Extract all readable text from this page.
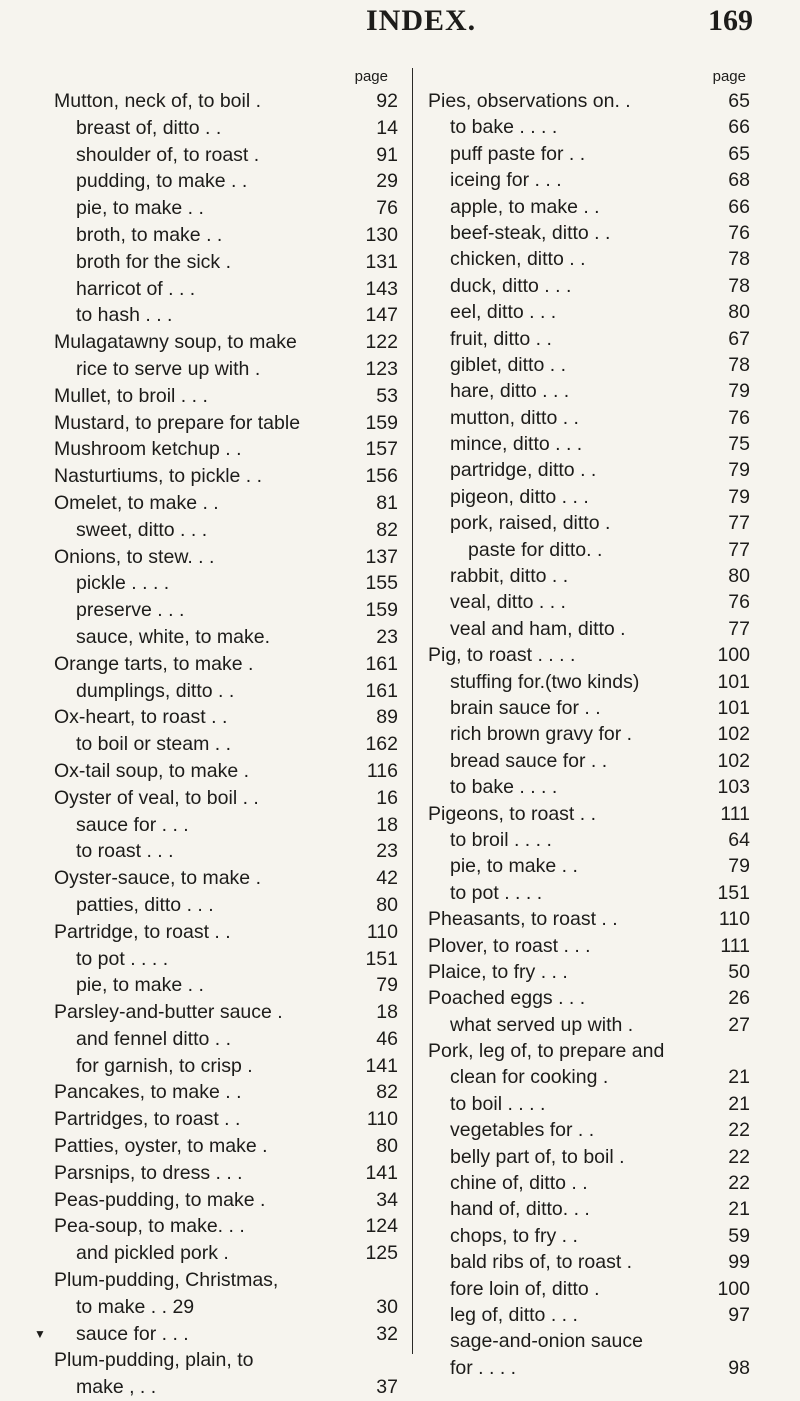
INDEX.	169
page
Mutton, neck of, to boil .	92
breast of, ditto . .	14
shoulder of, to roast .	91
pudding, to make . .	29
pie, to make . .	76
broth, to make . .	130
broth for the sick .	131
harricot of . . .	143
to hash . . .	147
Mulagatawny soup, to make	122
rice to serve up with .	123
Mullet, to broil . . .	53
Mustard, to prepare for table	159
Mushroom ketchup . .	157
Nasturtiums, to pickle . .	156
Omelet, to make . .	81
sweet, ditto . . .	82
Onions, to stew. . .	137
pickle . . . .	155
preserve . . .	159
sauce, white, to make.	23
Orange tarts, to make .	161
dumplings, ditto . .	161
Ox-heart, to roast . .	89
to boil or steam . .	162
Ox-tail soup, to make .	116
Oyster of veal, to boil . .	16
sauce for . . .	18
to roast . . .	23
Oyster-sauce, to make .	42
patties, ditto . . .	80
Partridge, to roast . .	110
to pot . . . .	151
pie, to make . .	79
Parsley-and-butter sauce .	18
and fennel ditto . .	46
for garnish, to crisp .	141
Pancakes, to make . .	82
Partridges, to roast . .	110
Patties, oyster, to make .	80
Parsnips, to dress . . .	141
Peas-pudding, to make .	34
Pea-soup, to make. . .	124
and pickled pork .	125
Plum-pudding, Christmas,
to make . . 29	30
▼ sauce for . . .	32
Plum-pudding, plain, to
make , . .	37
page
Pies, observations on. .	65
to bake . . . .	66
puff paste for . .	65
iceing for . . .	68
apple, to make . .	66
beef-steak, ditto . .	76
chicken, ditto . .	78
duck, ditto . . .	78
eel, ditto . . .	80
fruit, ditto . .	67
giblet, ditto . .	78
hare, ditto . . .	79
mutton, ditto . .	76
mince, ditto . . .	75
partridge, ditto . .	79
pigeon, ditto . . .	79
pork, raised, ditto .	77
paste for ditto. .	77
rabbit, ditto . .	80
veal, ditto . . .	76
veal and ham, ditto .	77
Pig, to roast . . . .	100
stuffing for.(two kinds)	101
brain sauce for . .	101
rich brown gravy for .	102
bread sauce for . .	102
to bake . . . .	103
Pigeons, to roast . .	111
to broil . . . .	64
pie, to make . .	79
to pot . . . .	151
Pheasants, to roast . .	110
Plover, to roast . . .	111
Plaice, to fry . . .	50
Poached eggs . . .	26
what served up with .	27
Pork, leg of, to prepare and
clean for cooking .	21
to boil . . . .	21
vegetables for . .	22
belly part of, to boil .	22
chine of, ditto . .	22
hand of, ditto. . .	21
chops, to fry . .	59
bald ribs of, to roast .	99
fore loin of, ditto .	100
leg of, ditto . . .	97
sage-and-onion sauce
for . . . .	98
